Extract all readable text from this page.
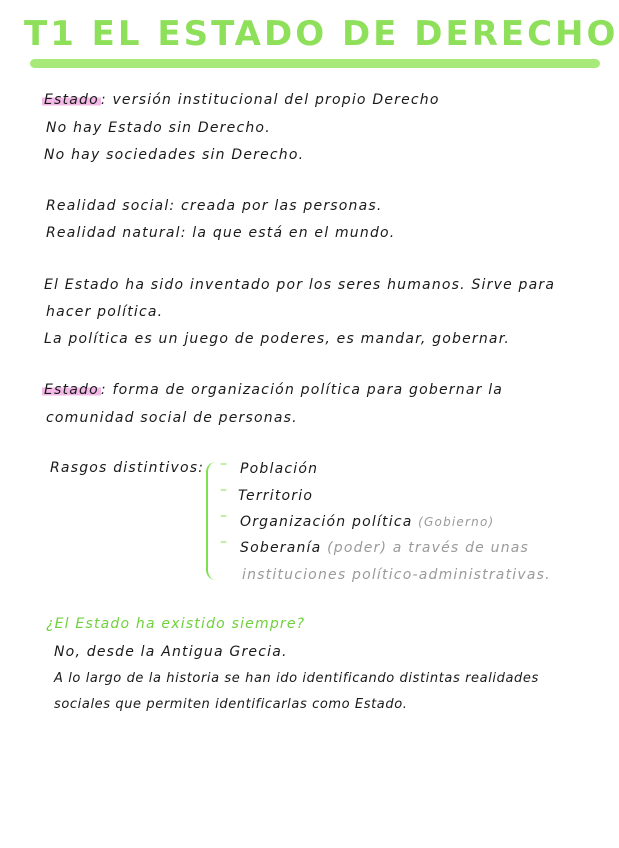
T1 EL ESTADO DE DERECHO
Estado : versión institucional del propio Derecho
No hay Estado sin Derecho.
No hay sociedades sin Derecho.
Realidad social: creada por las personas.
Realidad natural: la que está en el mundo.
El Estado ha sido inventado por los seres humanos. Sirve para
hacer política.
La política es un juego de poderes, es mandar, gobernar.
Estado : forma de organización política para gobernar la
comunidad social de personas.
Rasgos distintivos: –
–
–
–
Población
Territorio
Organización política (Gobierno)
Soberanía (poder) a través de unas
instituciones político-administrativas.
¿El Estado ha existido siempre?
No, desde la Antigua Grecia.
A lo largo de la historia se han ido identificando distintas realidades
sociales que permiten identificarlas como Estado.
